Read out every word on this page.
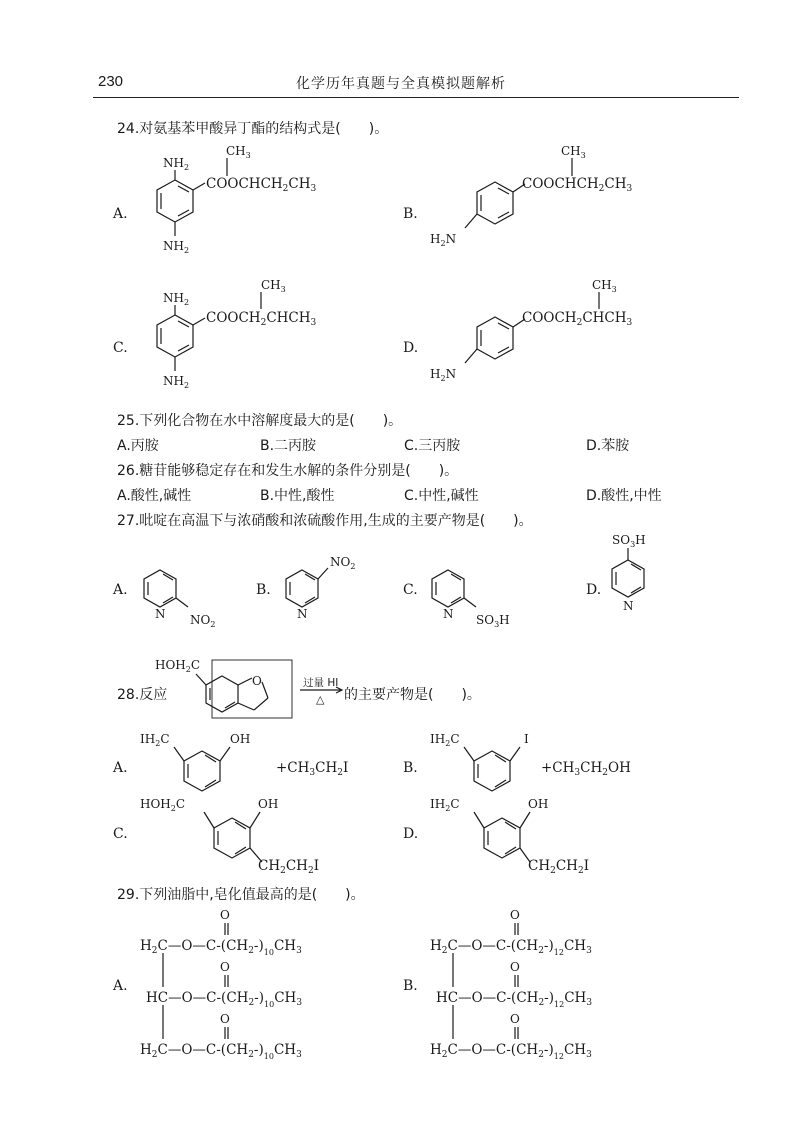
230	化学历年真题与全真模拟题解析
24.对氨基苯甲酸异丁酯的结构式是(　　)。
A.
$NH_2$
$NH_2$
$CH_3$
$COOCHCH_2CH_3$
B.
$H_2N$
$CH_3$
$COOCHCH_2CH_3$
C.
$NH_2$
$NH_2$
$CH_3$
$COOCH_2CHCH_3$
D.
$H_2N$
$CH_3$
$COOCH_2CHCH_3$
25.下列化合物在水中溶解度最大的是(　　)。
A.丙胺	B.二丙胺	C.三丙胺	D.苯胺
26.糖苷能够稳定存在和发生水解的条件分别是(　　)。
A.酸性,碱性	B.中性,酸性	C.中性,碱性	D.酸性,中性
27.吡啶在高温下与浓硝酸和浓硫酸作用,生成的主要产物是(　　)。
A.
N $NO_2$
B.
N
$NO_2$
C.
N $SO_3H$
D.
N
$SO_3H$
28.反应
O
$HOH_2C$
过量 HI
△ 的主要产物是(　　)。
A.
$IH_2C$	OH
$+CH_3CH_2I$	B.
$IH_2C$	I
$+CH_3CH_2OH$
C.
$HOH_2C$	OH
$CH_2CH_2I$
D.
$IH_2C$	OH
$CH_2CH_2I$
29.下列油脂中,皂化值最高的是(　　)。
A.
O
O
O
$H_2C—O—C-(CH_2-)_{10}CH_3$
$HC—O—C-(CH_2-)_{10}CH_3$
$H_2C—O—C-(CH_2-)_{10}CH_3$
B.
O
O
O
$H_2C—O—C-(CH_2-)_{12}CH_3$
$HC—O—C-(CH_2-)_{12}CH_3$
$H_2C—O—C-(CH_2-)_{12}CH_3$
